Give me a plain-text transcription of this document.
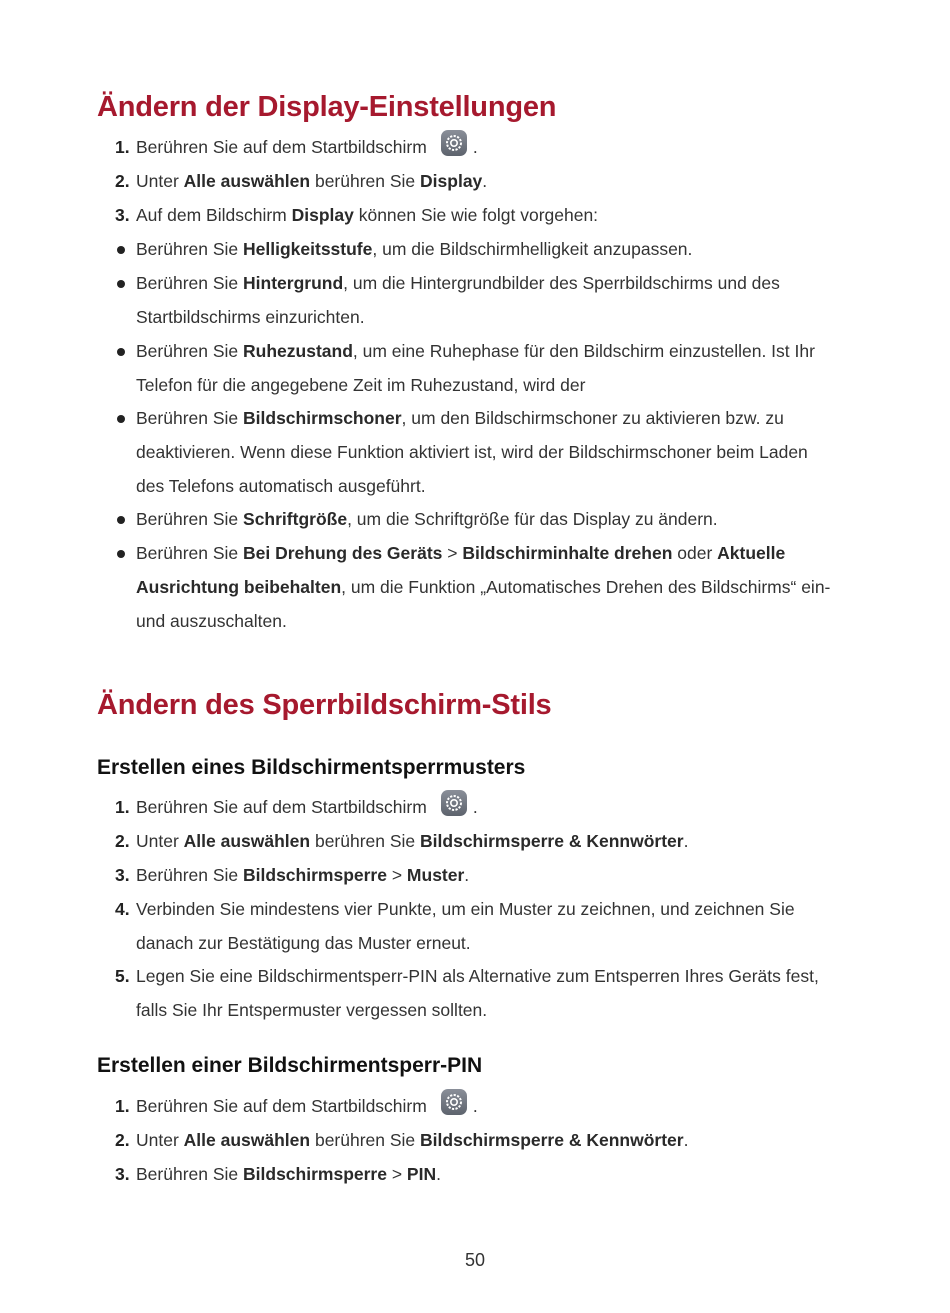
Ändern der Display-Einstellungen
1. Berühren Sie auf dem Startbildschirm	.
2. Unter Alle auswählen berühren Sie Display.
3. Auf dem Bildschirm Display können Sie wie folgt vorgehen:
Berühren Sie Helligkeitsstufe, um die Bildschirmhelligkeit anzupassen.
Berühren Sie Hintergrund, um die Hintergrundbilder des Sperrbildschirms und des Startbildschirms einzurichten.
Berühren Sie Ruhezustand, um eine Ruhephase für den Bildschirm einzustellen. Ist Ihr Telefon für die angegebene Zeit im Ruhezustand, wird der
Berühren Sie Bildschirmschoner, um den Bildschirmschoner zu aktivieren bzw. zu deaktivieren. Wenn diese Funktion aktiviert ist, wird der Bildschirmschoner beim Laden des Telefons automatisch ausgeführt.
Berühren Sie Schriftgröße, um die Schriftgröße für das Display zu ändern.
Berühren Sie Bei Drehung des Geräts > Bildschirminhalte drehen oder Aktuelle Ausrichtung beibehalten, um die Funktion „Automatisches Drehen des Bildschirms“ ein- und auszuschalten.
Ändern des Sperrbildschirm-Stils
Erstellen eines Bildschirmentsperrmusters
1. Berühren Sie auf dem Startbildschirm	.
2. Unter Alle auswählen berühren Sie Bildschirmsperre & Kennwörter.
3. Berühren Sie Bildschirmsperre > Muster.
4. Verbinden Sie mindestens vier Punkte, um ein Muster zu zeichnen, und zeichnen Sie danach zur Bestätigung das Muster erneut.
5. Legen Sie eine Bildschirmentsperr-PIN als Alternative zum Entsperren Ihres Geräts fest, falls Sie Ihr Entspermuster vergessen sollten.
Erstellen einer Bildschirmentsperr-PIN
1. Berühren Sie auf dem Startbildschirm	.
2. Unter Alle auswählen berühren Sie Bildschirmsperre & Kennwörter.
3. Berühren Sie Bildschirmsperre > PIN.
50
